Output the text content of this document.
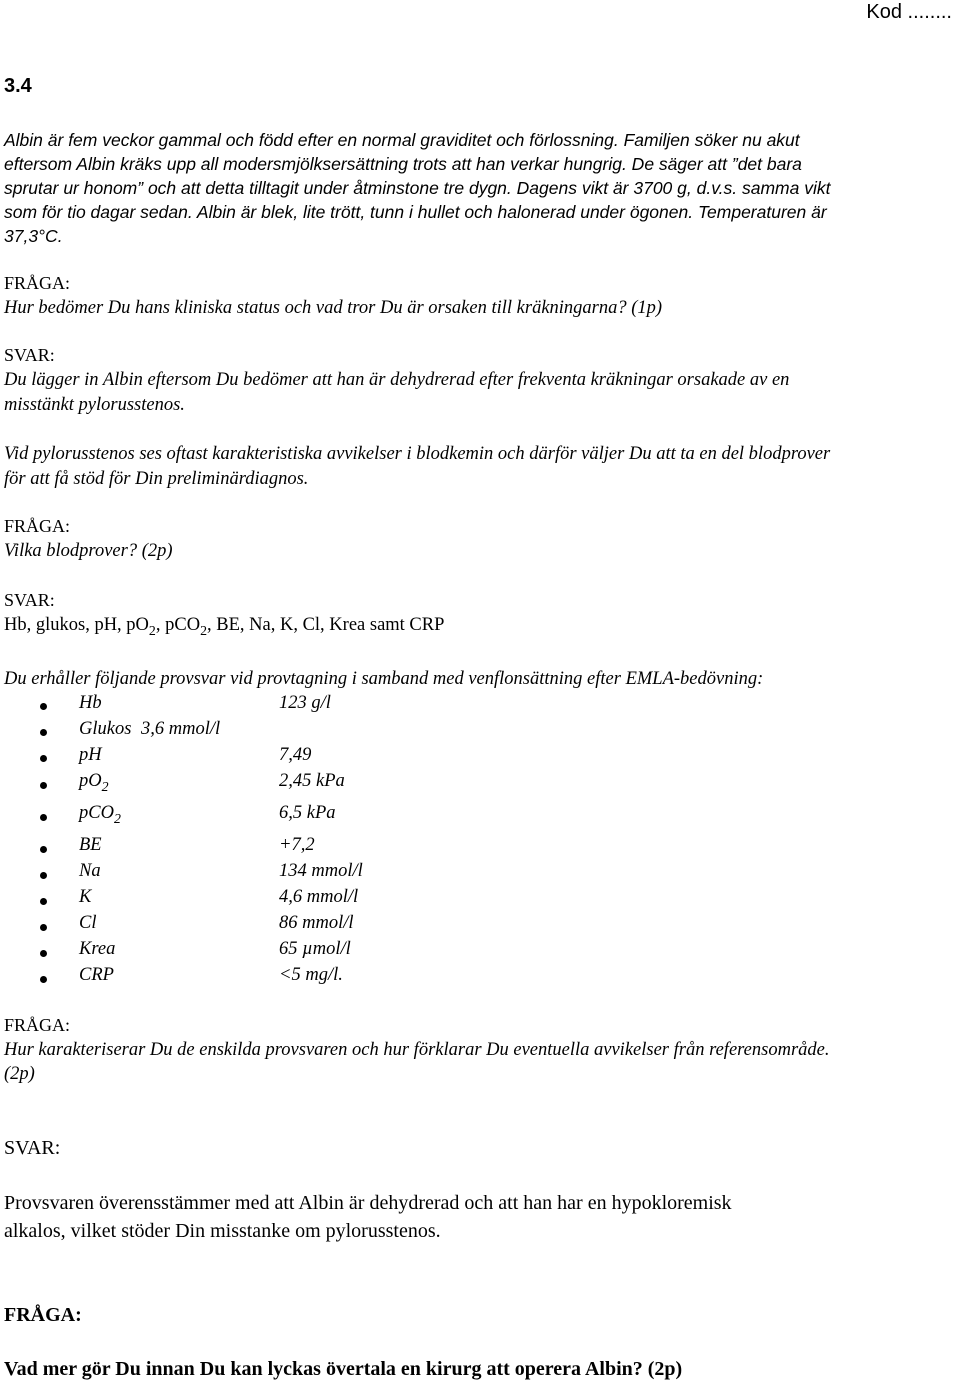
Kod ........
3.4
Albin är fem veckor gammal och född efter en normal graviditet och förlossning. Familjen söker nu akut
eftersom Albin kräks upp all modersmjölksersättning trots att han verkar hungrig. De säger att ”det bara
sprutar ur honom” och att detta tilltagit under åtminstone tre dygn. Dagens vikt är 3700 g, d.v.s. samma vikt
som för tio dagar sedan. Albin är blek, lite trött, tunn i hullet och halonerad under ögonen. Temperaturen är
37,3°C.
FRÅGA:
Hur bedömer Du hans kliniska status och vad tror Du är orsaken till kräkningarna? (1p)
SVAR:
Du lägger in Albin eftersom Du bedömer att han är dehydrerad efter frekventa kräkningar orsakade av en
misstänkt pylorusstenos.
Vid pylorusstenos ses oftast karakteristiska avvikelser i blodkemin och därför väljer Du att ta en del blodprover
för att få stöd för Din preliminärdiagnos.
FRÅGA:
Vilka blodprover? (2p)
SVAR:
Hb, glukos, pH, $pO_2$, pCO$_2$, BE, Na, K, Cl, Krea samt CRP
Du erhåller följande provsvar vid provtagning i samband med venflonsättning efter EMLA-bedövning:
Hb	123 g/l
Glukos 3,6 mmol/l
pH	7,49
$pO_2$	2,45 kPa
pCO$_2$	6,5 kPa
BE	+7,2
Na	134 mmol/l
K	4,6 mmol/l
Cl	86 mmol/l
Krea	65 µmol/l
CRP	<5 mg/l.
FRÅGA:
Hur karakteriserar Du de enskilda provsvaren och hur förklarar Du eventuella avvikelser från referensområde.
(2p)
SVAR:
Provsvaren överensstämmer med att Albin är dehydrerad och att han har en hypokloremisk
alkalos, vilket stöder Din misstanke om pylorusstenos.
FRÅGA:
Vad mer gör Du innan Du kan lyckas övertala en kirurg att operera Albin? (2p)
